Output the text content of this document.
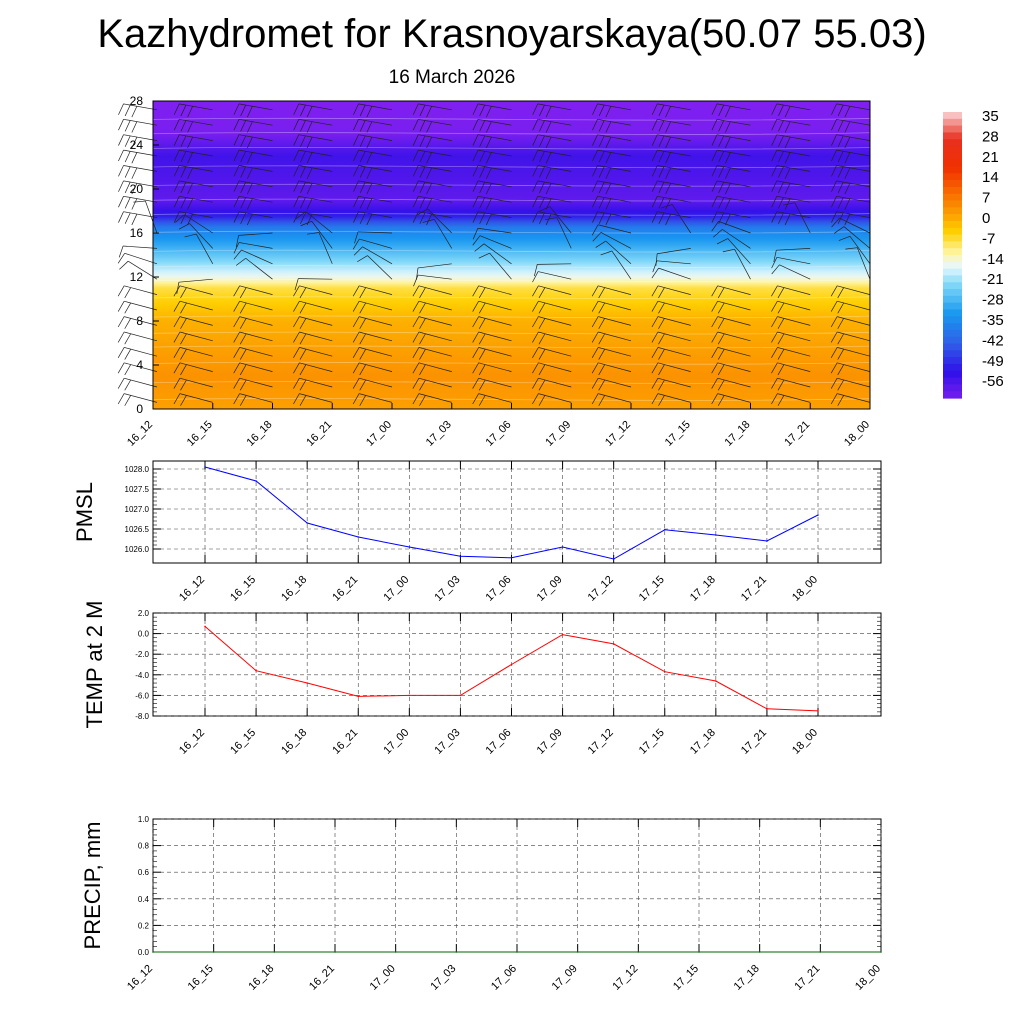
Kazhydromet for Krasnoyarskaya(50.07 55.03)
16 March 2026
0
4
8
12
16
20
24
28
16_12	16_15	16_18	16_21	17_00	17_03	17_06	17_09	17_12	17_15	17_18	17_21	18_00
35
28
21
14
7
0
-7
-14
-21
-28
-35
-42
-49
-56
1026.0
1026.5
1027.0
1027.5
1028.0
16_12 16_15 16_18 16_21 17_00 17_03 17_06 17_09 17_12 17_15 17_18 17_21 18_00
PMSL
-8.0
-6.0
-4.0
-2.0
0.0
2.0
16_12 16_15 16_18 16_21 17_00 17_03 17_06 17_09 17_12 17_15 17_18 17_21 18_00
TEMP at 2 M
0.0
0.2
0.4
0.6
0.8
1.0
16_12	16_15	16_18	16_21	17_00	17_03	17_06	17_09	17_12	17_15	17_18	17_21	18_00
PRECIP, mm
